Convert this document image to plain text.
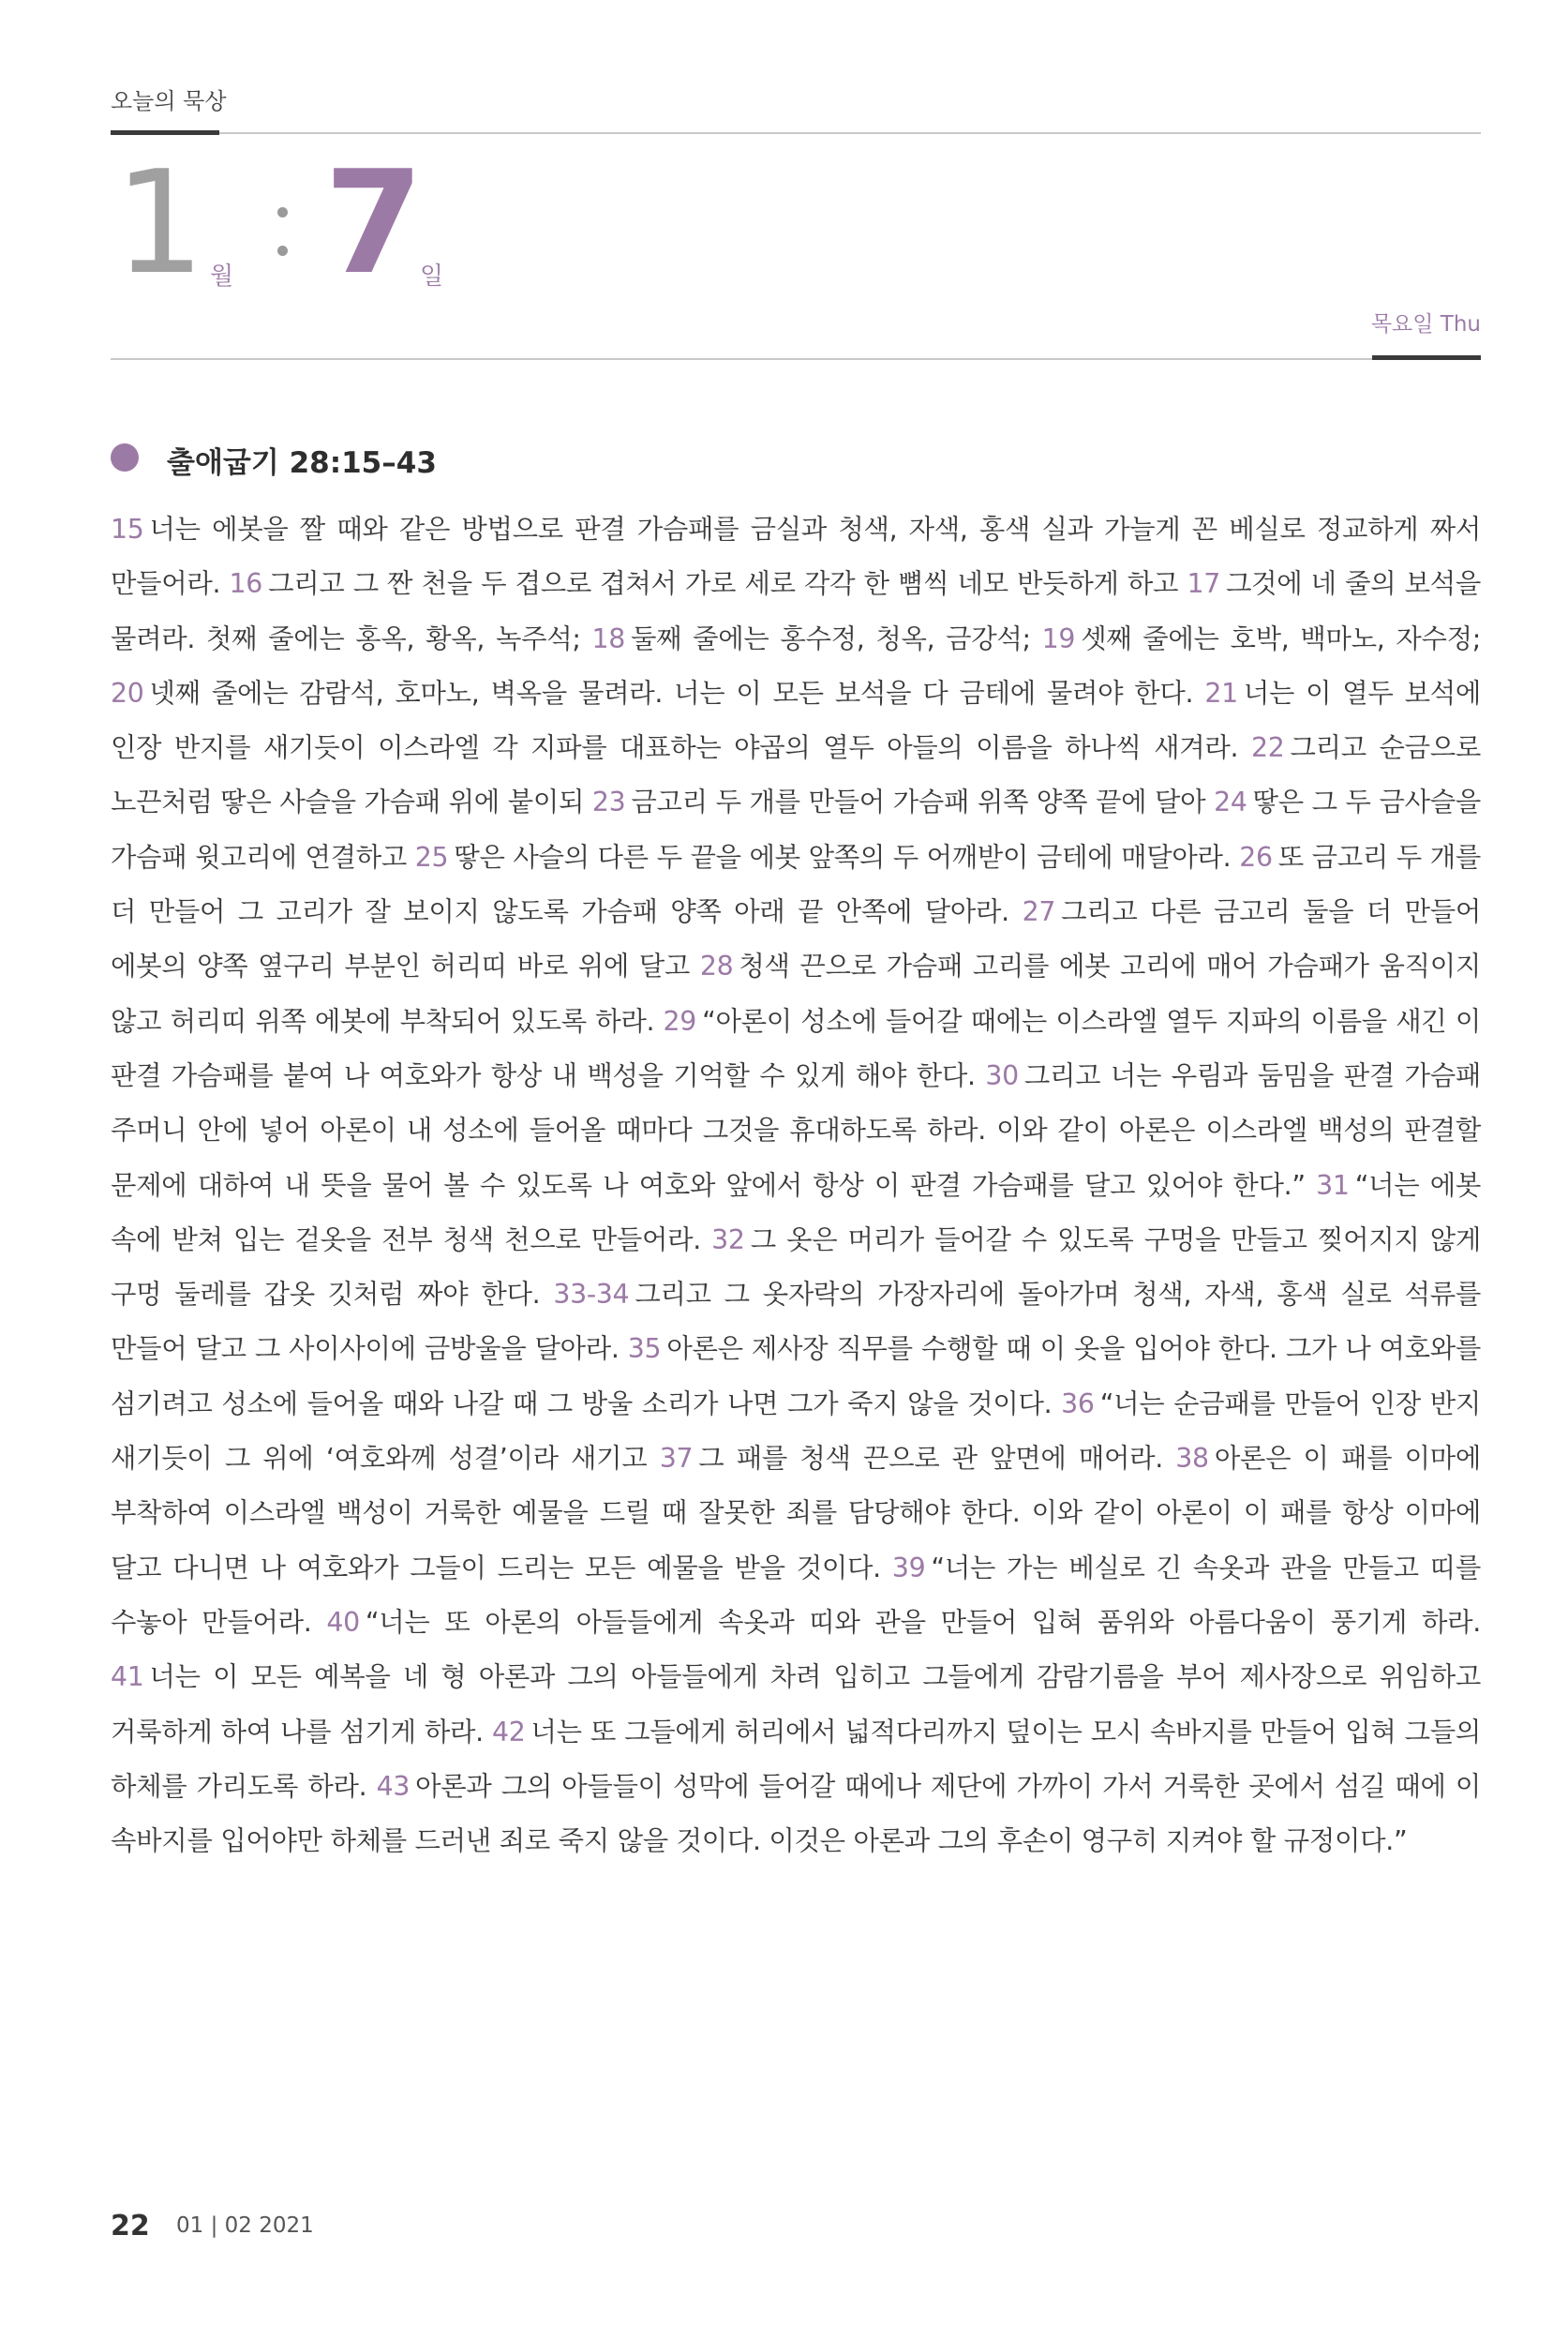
오늘의 묵상
1 월 7
일
목요일 Thu
출애굽기 28:15–43
15 너는 에봇을 짤 때와 같은 방법으로 판결 가슴패를 금실과 청색, 자색, 홍색 실과 가늘게 꼰 베실로 정교하게 짜서 만들어라. 16 그리고 그 짠 천을 두 겹으로 겹쳐서 가로 세로 각각 한 뼘씩 네모 반듯하게 하고 17 그것에 네 줄의 보석을 물려라. 첫째 줄에는 홍옥, 황옥, 녹주석; 18 둘째 줄에는 홍수정, 청옥, 금강석; 19 셋째 줄에는 호박, 백마노, 자수정; 20 넷째 줄에는 감람석, 호마노, 벽옥을 물려라. 너는 이 모든 보석을 다 금테에 물려야 한다. 21 너는 이 열두 보석에 인장 반지를 새기듯이 이스라엘 각 지파를 대표하는 야곱의 열두 아들의 이름을 하나씩 새겨라. 22 그리고 순금으로 노끈처럼 땋은 사슬을 가슴패 위에 붙이되 23 금고리 두 개를 만들어 가슴패 위쪽 양쪽 끝에 달아 24 땋은 그 두 금사슬을 가슴패 윗고리에 연결하고 25 땋은 사슬의 다른 두 끝을 에봇 앞쪽의 두 어깨받이 금테에 매달아라. 26 또 금고리 두 개를 더 만들어 그 고리가 잘 보이지 않도록 가슴패 양쪽 아래 끝 안쪽에 달아라. 27 그리고 다른 금고리 둘을 더 만들어 에봇의 양쪽 옆구리 부분인 허리띠 바로 위에 달고 28 청색 끈으로 가슴패 고리를 에봇 고리에 매어 가슴패가 움직이지 않고 허리띠 위쪽 에봇에 부착되어 있도록 하라. 29 “아론이 성소에 들어갈 때에는 이스라엘 열두 지파의 이름을 새긴 이 판결 가슴패를 붙여 나 여호와가 항상 내 백성을 기억할 수 있게 해야 한다. 30 그리고 너는 우림과 둠밈을 판결 가슴패 주머니 안에 넣어 아론이 내 성소에 들어올 때마다 그것을 휴대하도록 하라. 이와 같이 아론은 이스라엘 백성의 판결할 문제에 대하여 내 뜻을 물어 볼 수 있도록 나 여호와 앞에서 항상 이 판결 가슴패를 달고 있어야 한다.” 31 “너는 에봇 속에 받쳐 입는 겉옷을 전부 청색 천으로 만들어라. 32 그 옷은 머리가 들어갈 수 있도록 구멍을 만들고 찢어지지 않게 구멍 둘레를 갑옷 깃처럼 짜야 한다. 33-34 그리고 그 옷자락의 가장자리에 돌아가며 청색, 자색, 홍색 실로 석류를 만들어 달고 그 사이사이에 금방울을 달아라. 35 아론은 제사장 직무를 수행할 때 이 옷을 입어야 한다. 그가 나 여호와를 섬기려고 성소에 들어올 때와 나갈 때 그 방울 소리가 나면 그가 죽지 않을 것이다. 36 “너는 순금패를 만들어 인장 반지 새기듯이 그 위에 ‘여호와께 성결’이라 새기고 37 그 패를 청색 끈으로 관 앞면에 매어라. 38 아론은 이 패를 이마에 부착하여 이스라엘 백성이 거룩한 예물을 드릴 때 잘못한 죄를 담당해야 한다. 이와 같이 아론이 이 패를 항상 이마에 달고 다니면 나 여호와가 그들이 드리는 모든 예물을 받을 것이다. 39 “너는 가는 베실로 긴 속옷과 관을 만들고 띠를 수놓아 만들어라. 40 “너는 또 아론의 아들들에게 속옷과 띠와 관을 만들어 입혀 품위와 아름다움이 풍기게 하라. 41 너는 이 모든 예복을 네 형 아론과 그의 아들들에게 차려 입히고 그들에게 감람기름을 부어 제사장으로 위임하고 거룩하게 하여 나를 섬기게 하라. 42 너는 또 그들에게 허리에서 넓적다리까지 덮이는 모시 속바지를 만들어 입혀 그들의 하체를 가리도록 하라. 43 아론과 그의 아들들이 성막에 들어갈 때에나 제단에 가까이 가서 거룩한 곳에서 섬길 때에 이 속바지를 입어야만 하체를 드러낸 죄로 죽지 않을 것이다. 이것은 아론과 그의 후손이 영구히 지켜야 할 규정이다.”
22 01 | 02 2021
